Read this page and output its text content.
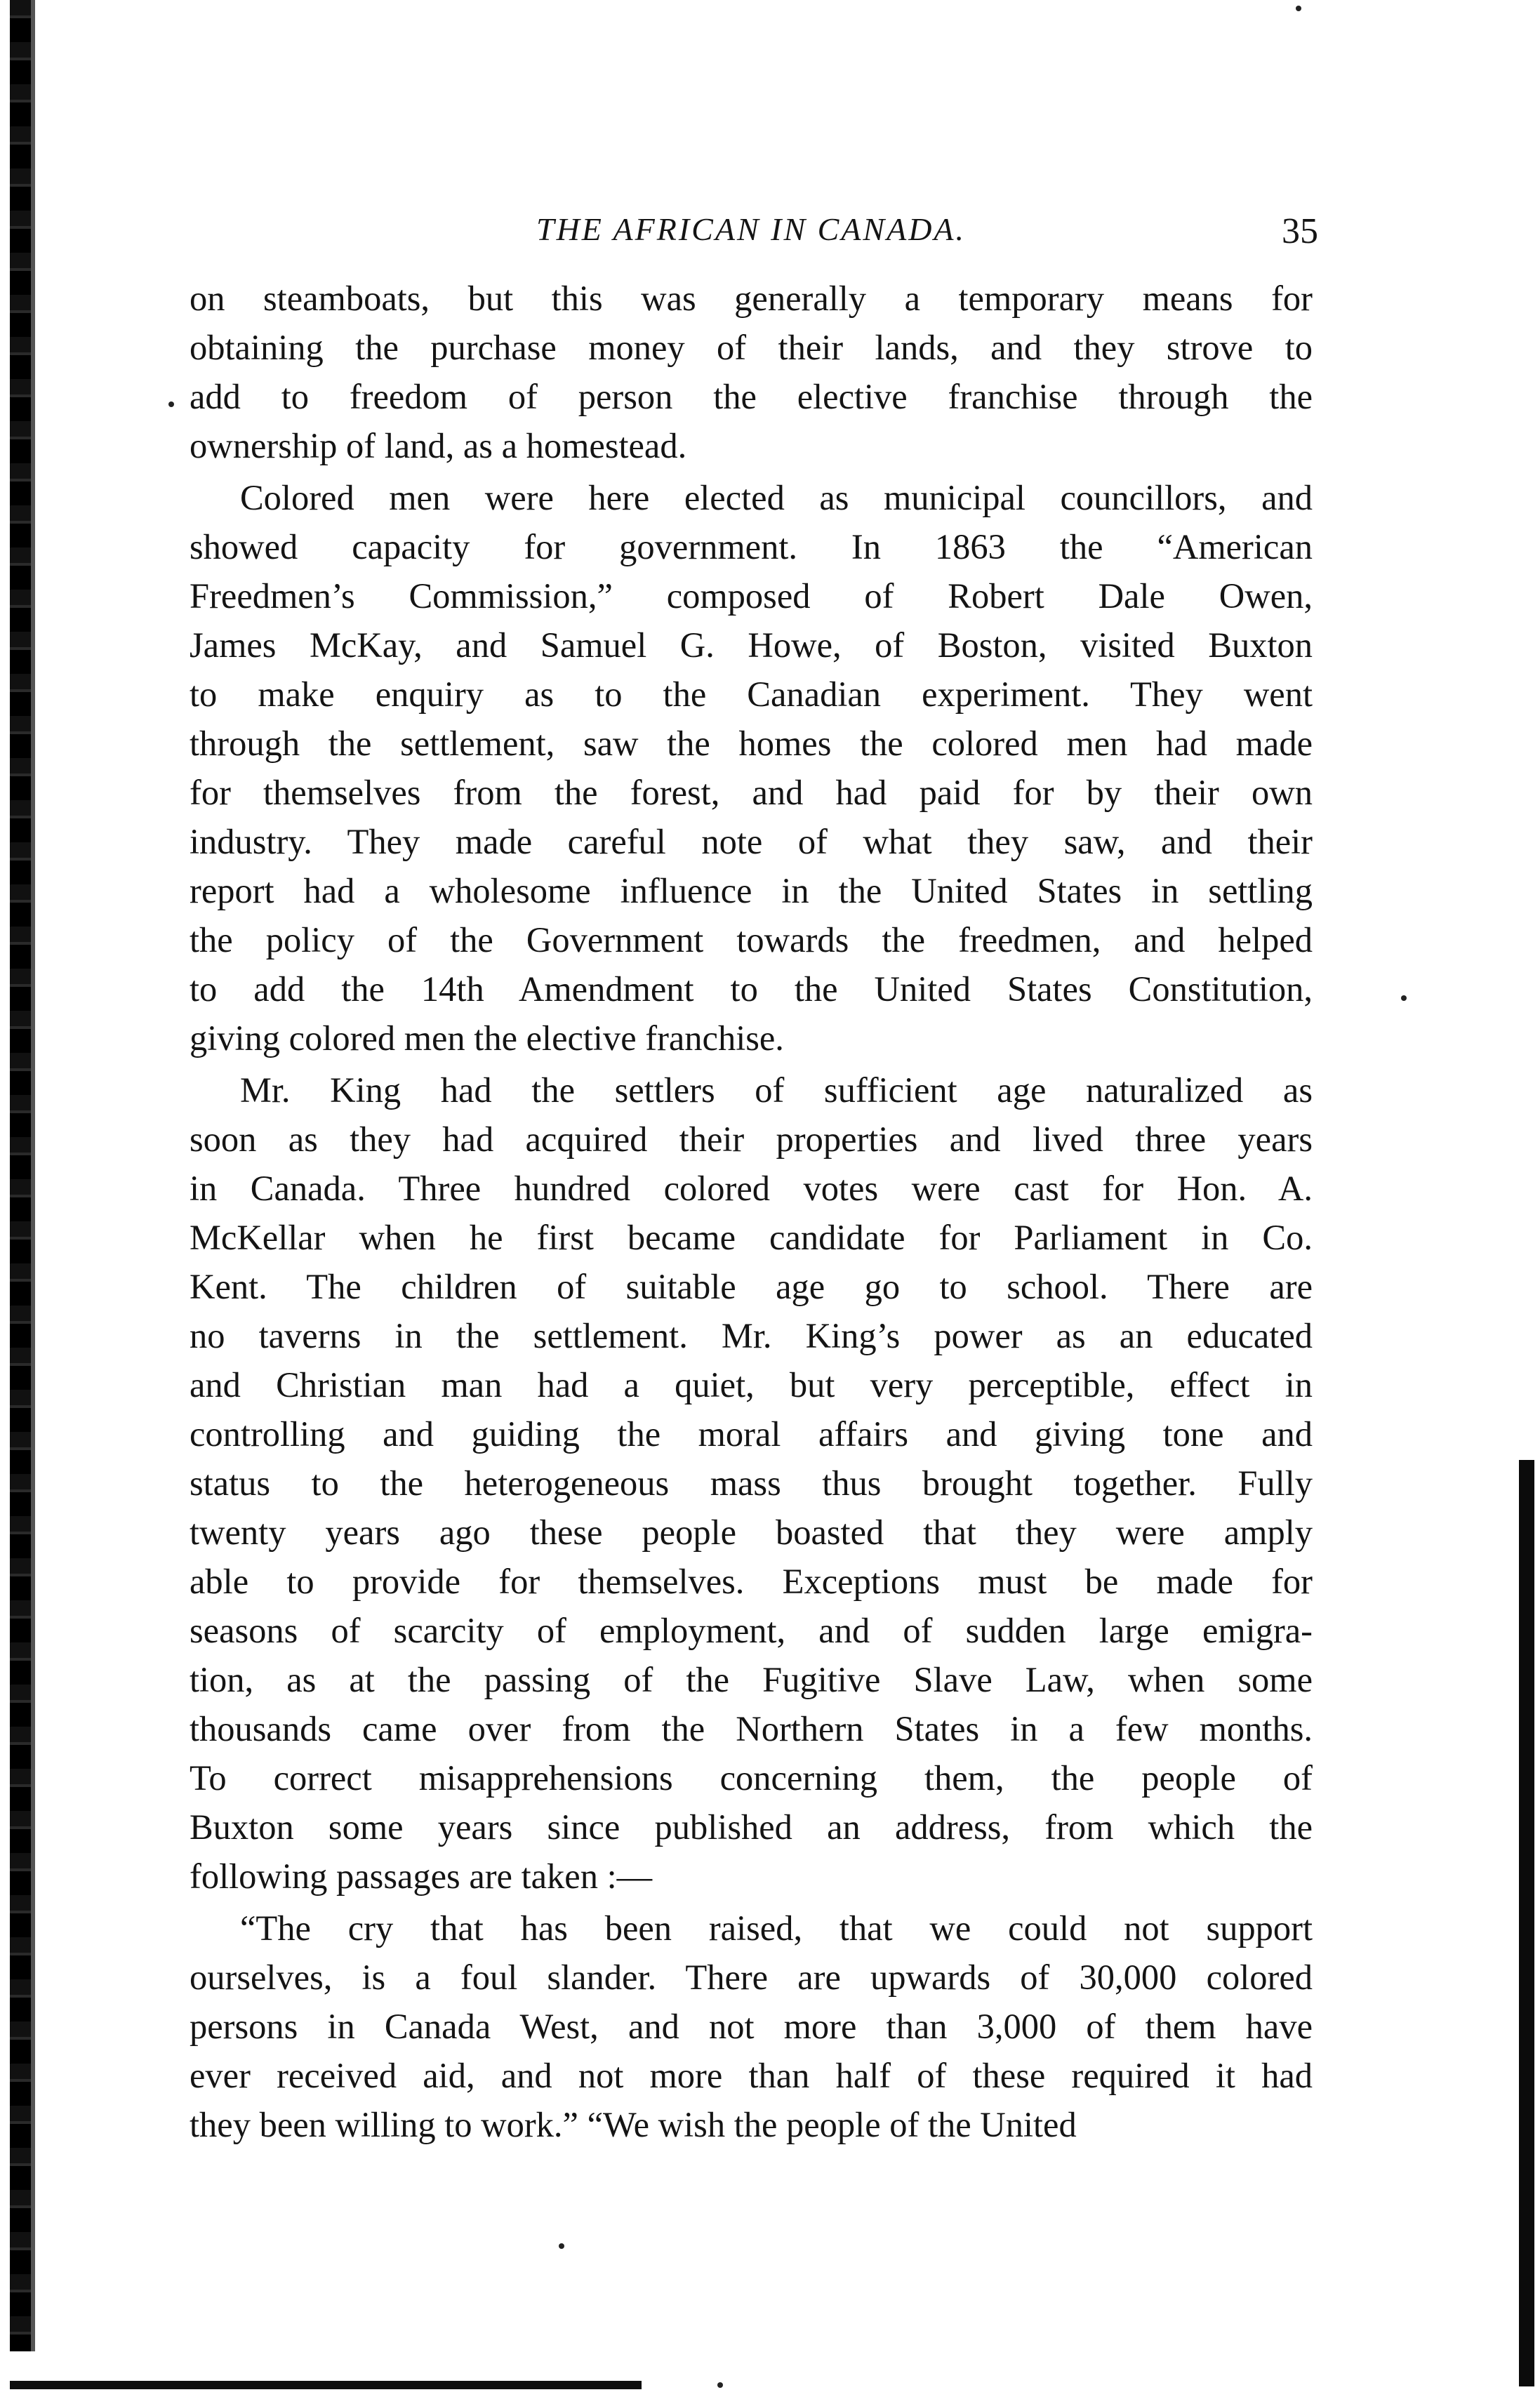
THE AFRICAN IN CANADA.	35
on steamboats, but this was generally a temporary means for
obtaining the purchase money of their lands, and they strove to
add to freedom of person the elective franchise through the
ownership of land, as a homestead.
Colored men were here elected as municipal councillors, and
showed capacity for government. In 1863 the “American
Freedmen’s Commission,” composed of Robert Dale Owen,
James McKay, and Samuel G. Howe, of Boston, visited Buxton
to make enquiry as to the Canadian experiment. They went
through the settlement, saw the homes the colored men had made
for themselves from the forest, and had paid for by their own
industry. They made careful note of what they saw, and their
report had a wholesome influence in the United States in settling
the policy of the Government towards the freedmen, and helped
to add the 14th Amendment to the United States Constitution,
giving colored men the elective franchise.
Mr. King had the settlers of sufficient age naturalized as
soon as they had acquired their properties and lived three years
in Canada. Three hundred colored votes were cast for Hon. A.
McKellar when he first became candidate for Parliament in Co.
Kent. The children of suitable age go to school. There are
no taverns in the settlement. Mr. King’s power as an educated
and Christian man had a quiet, but very perceptible, effect in
controlling and guiding the moral affairs and giving tone and
status to the heterogeneous mass thus brought together. Fully
twenty years ago these people boasted that they were amply
able to provide for themselves. Exceptions must be made for
seasons of scarcity of employment, and of sudden large emigra-
tion, as at the passing of the Fugitive Slave Law, when some
thousands came over from the Northern States in a few months.
To correct misapprehensions concerning them, the people of
Buxton some years since published an address, from which the
following passages are taken :—
“The cry that has been raised, that we could not support
ourselves, is a foul slander. There are upwards of 30,000 colored
persons in Canada West, and not more than 3,000 of them have
ever received aid, and not more than half of these required it had
they been willing to work.” “We wish the people of the United
